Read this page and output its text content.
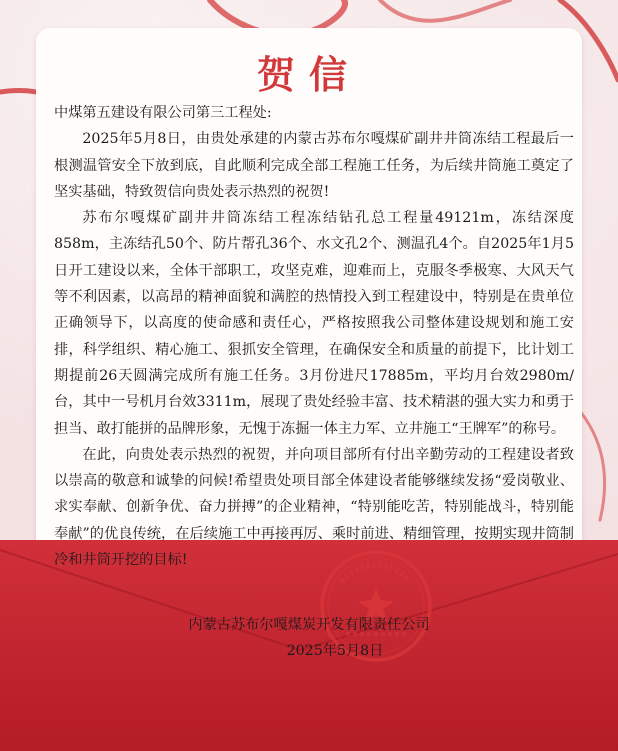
贺信

中煤第五建设有限公司第三工程处:

2025年5月8日，由贵处承建的内蒙古苏布尔嘎煤矿副井井筒冻结工程最后一根测温管安全下放到底，自此顺利完成全部工程施工任务，为后续井筒施工奠定了坚实基础，特致贺信向贵处表示热烈的祝贺!

苏布尔嘎煤矿副井井筒冻结工程冻结钻孔总工程量49121m，冻结深度858m，主冻结孔50个、防片帮孔36个、水文孔2个、测温孔4个。自2025年1月5日开工建设以来，全体干部职工，攻坚克难，迎难而上，克服冬季极寒、大风天气等不利因素，以高昂的精神面貌和满腔的热情投入到工程建设中，特别是在贵单位正确领导下，以高度的使命感和责任心，严格按照我公司整体建设规划和施工安排，科学组织、精心施工、狠抓安全管理，在确保安全和质量的前提下，比计划工期提前26天圆满完成所有施工任务。3月份进尺17885m，平均月台效2980m/台，其中一号机月台效3311m，展现了贵处经验丰富、技术精湛的强大实力和勇于担当、敢打能拼的品牌形象，无愧于冻掘一体主力军、立井施工“王牌军”的称号。

在此，向贵处表示热烈的祝贺，并向项目部所有付出辛勤劳动的工程建设者致以崇高的敬意和诚挚的问候!希望贵处项目部全体建设者能够继续发扬“爱岗敬业、求实奉献、创新争优、奋力拼搏”的企业精神，“特别能吃苦，特别能战斗，特别能奉献”的优良传统，在后续施工中再接再厉、乘时前进、精细管理，按期实现井筒制冷和井筒开挖的目标!

内蒙古苏布尔嘎煤炭开发有限责任公司
2025年5月8日
